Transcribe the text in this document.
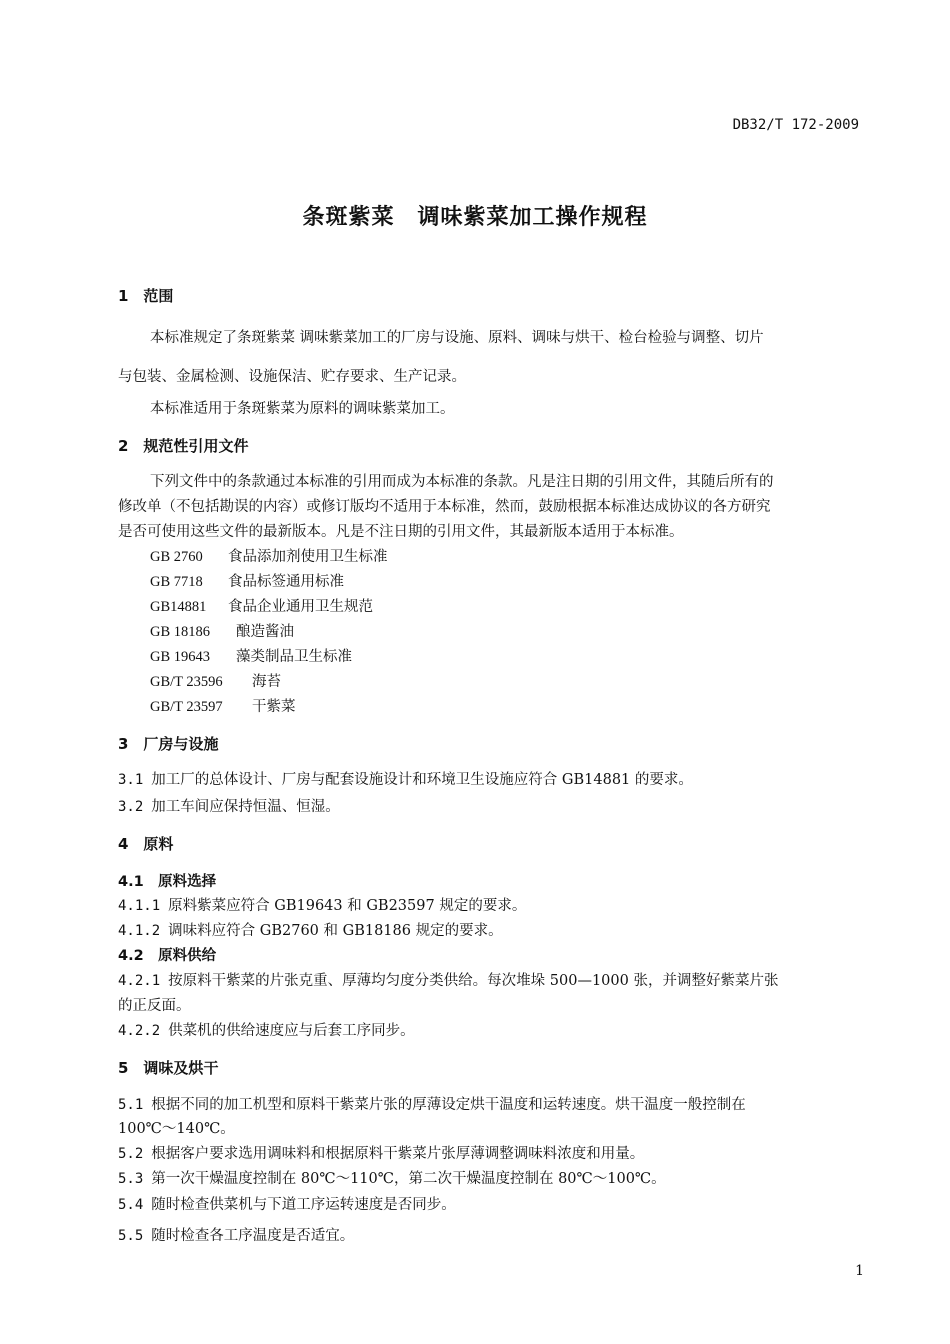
DB32/T 172-2009
条斑紫菜　调味紫菜加工操作规程
1　范围
本标准规定了条斑紫菜 调味紫菜加工的厂房与设施、原料、调味与烘干、检台检验与调整、切片
与包装、金属检测、设施保洁、贮存要求、生产记录。
本标准适用于条斑紫菜为原料的调味紫菜加工。
2　规范性引用文件
下列文件中的条款通过本标准的引用而成为本标准的条款。凡是注日期的引用文件，其随后所有的
修改单（不包括勘误的内容）或修订版均不适用于本标准，然而，鼓励根据本标准达成协议的各方研究
是否可使用这些文件的最新版本。凡是不注日期的引用文件，其最新版本适用于本标准。
GB 2760 食品添加剂使用卫生标准
GB 7718 食品标签通用标准
GB14881 食品企业通用卫生规范
GB 18186 酿造酱油
GB 19643 藻类制品卫生标准
GB/T 23596 海苔
GB/T 23597 干紫菜
3　厂房与设施
3.1 加工厂的总体设计、厂房与配套设施设计和环境卫生设施应符合 GB14881 的要求。
3.2 加工车间应保持恒温、恒湿。
4　原料
4.1　原料选择
4.1.1 原料紫菜应符合 GB19643 和 GB23597 规定的要求。
4.1.2 调味料应符合 GB2760 和 GB18186 规定的要求。
4.2　原料供给
4.2.1 按原料干紫菜的片张克重、厚薄均匀度分类供给。每次堆垛 500—1000 张，并调整好紫菜片张
的正反面。
4.2.2 供菜机的供给速度应与后套工序同步。
5　调味及烘干
5.1 根据不同的加工机型和原料干紫菜片张的厚薄设定烘干温度和运转速度。烘干温度一般控制在
100℃～140℃。
5.2 根据客户要求选用调味料和根据原料干紫菜片张厚薄调整调味料浓度和用量。
5.3 第一次干燥温度控制在 80℃～110℃，第二次干燥温度控制在 80℃～100℃。
5.4 随时检查供菜机与下道工序运转速度是否同步。
5.5 随时检查各工序温度是否适宜。
1
